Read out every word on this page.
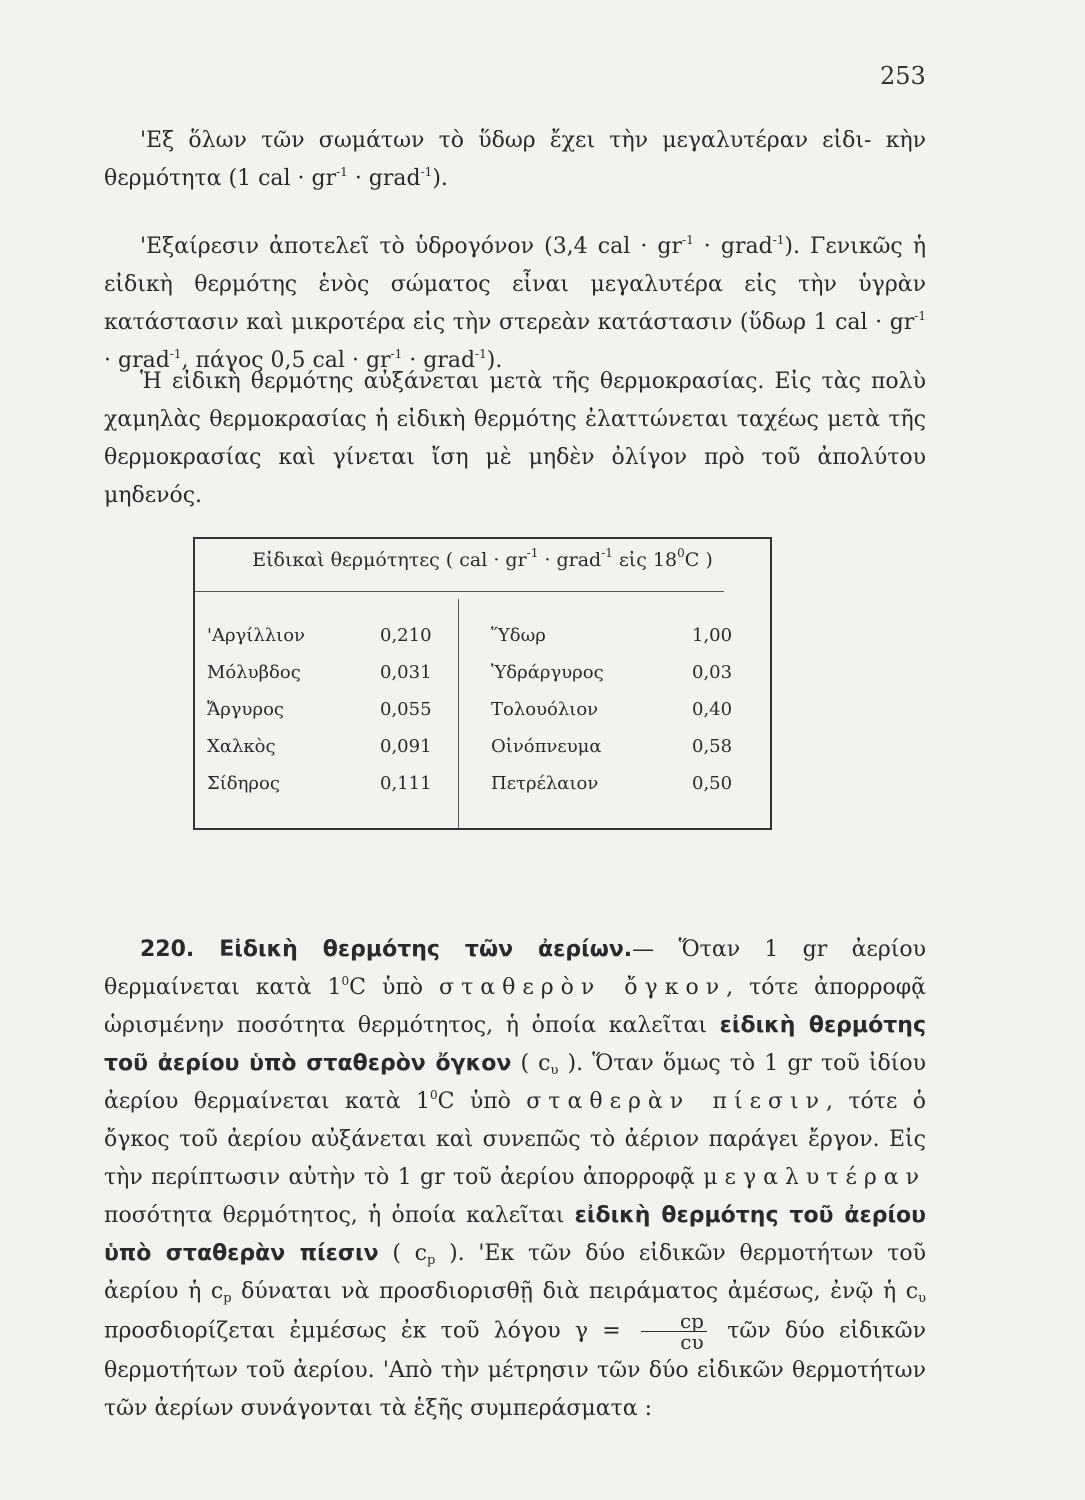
253

'Εξ ὅλων τῶν σωμάτων τὸ ὕδωρ ἔχει τὴν μεγαλυτέραν εἰδι- κὴν θερμότητα (1 cal · $gr^{-1}$ · grad$^{-1}$).

'Εξαίρεσιν ἀποτελεῖ τὸ ὑδρογόνον (3,4 cal · $gr^{-1}$ · grad$^{-1}$). Γενικῶς ἡ εἰδικὴ θερμότης ἑνὸς σώματος εἶναι μεγαλυτέρα εἰς τὴν ὑγρὰν κατάστασιν καὶ μικροτέρα εἰς τὴν στερεὰν κατάστασιν (ὕδωρ 1 cal · $gr^{-1}$ · grad$^{-1}$, πάγος 0,5 cal · $gr^{-1}$ · grad$^{-1}$).

Ἡ εἰδικὴ θερμότης αὐξάνεται μετὰ τῆς θερμοκρασίας. Εἰς τὰς πολὺ χαμηλὰς θερμοκρασίας ἡ εἰδικὴ θερμότης ἐλαττώνεται ταχέως μετὰ τῆς θερμοκρασίας καὶ γίνεται ἴση μὲ μηδὲν ὀλίγον πρὸ τοῦ ἀπολύτου μηδενός.

Εἰδικαὶ θερμότητες ( cal · $gr^{-1}$ · grad$^{-1}$ εἰς $18^0C$ )
'Αργίλλιον
Μόλυβδος
Ἄργυρος
Χαλκὸς
Σίδηρος
0,210
0,031
0,055
0,091
0,111
Ὕδωρ
Ὑδράργυρος
Τολουόλιον
Οἰνόπνευμα
Πετρέλαιον
1,00
0,03
0,40
0,58
0,50

220. Εἰδικὴ θερμότης τῶν ἀερίων.— Ὅταν 1 gr ἀερίου θερμαίνεται κατὰ $1^0C$ ὑπὸ σταθερὸν ὄγκον, τότε ἀπορροφᾷ ὡρισμένην ποσότητα θερμότητος, ἡ ὁποία καλεῖται εἰδικὴ θερμότης τοῦ ἀερίου ὑπὸ σταθερὸν ὄγκον ( $c_\upsilon$ ). Ὅταν ὅμως τὸ 1 gr τοῦ ἰδίου ἀερίου θερμαίνεται κατὰ $1^0C$ ὑπὸ σταθερὰν πίεσιν, τότε ὁ ὄγκος τοῦ ἀερίου αὐξάνεται καὶ συνεπῶς τὸ ἀέριον παράγει ἔργον. Εἰς τὴν περίπτωσιν αὐτὴν τὸ 1 gr τοῦ ἀερίου ἀπορροφᾷ μεγαλυτέραν ποσότητα θερμότητος, ἡ ὁποία καλεῖται εἰδικὴ θερμότης τοῦ ἀερίου ὑπὸ σταθερὰν πίεσιν ( $c_p$ ). 'Εκ τῶν δύο εἰδικῶν θερμοτήτων τοῦ ἀερίου ἡ $c_p$ δύναται νὰ προσδιορισθῇ διὰ πειράματος ἀμέσως, ἐνῷ ἡ $c_\upsilon$ προσδιορίζεται ἐμμέσως ἐκ τοῦ λόγου $\gamma = \frac{cp}{c\upsilon}$ τῶν δύο εἰδικῶν θερμοτήτων τοῦ ἀερίου. 'Απὸ τὴν μέτρησιν τῶν δύο εἰδικῶν θερμοτήτων τῶν ἀερίων συνάγονται τὰ ἑξῆς συμπεράσματα :
